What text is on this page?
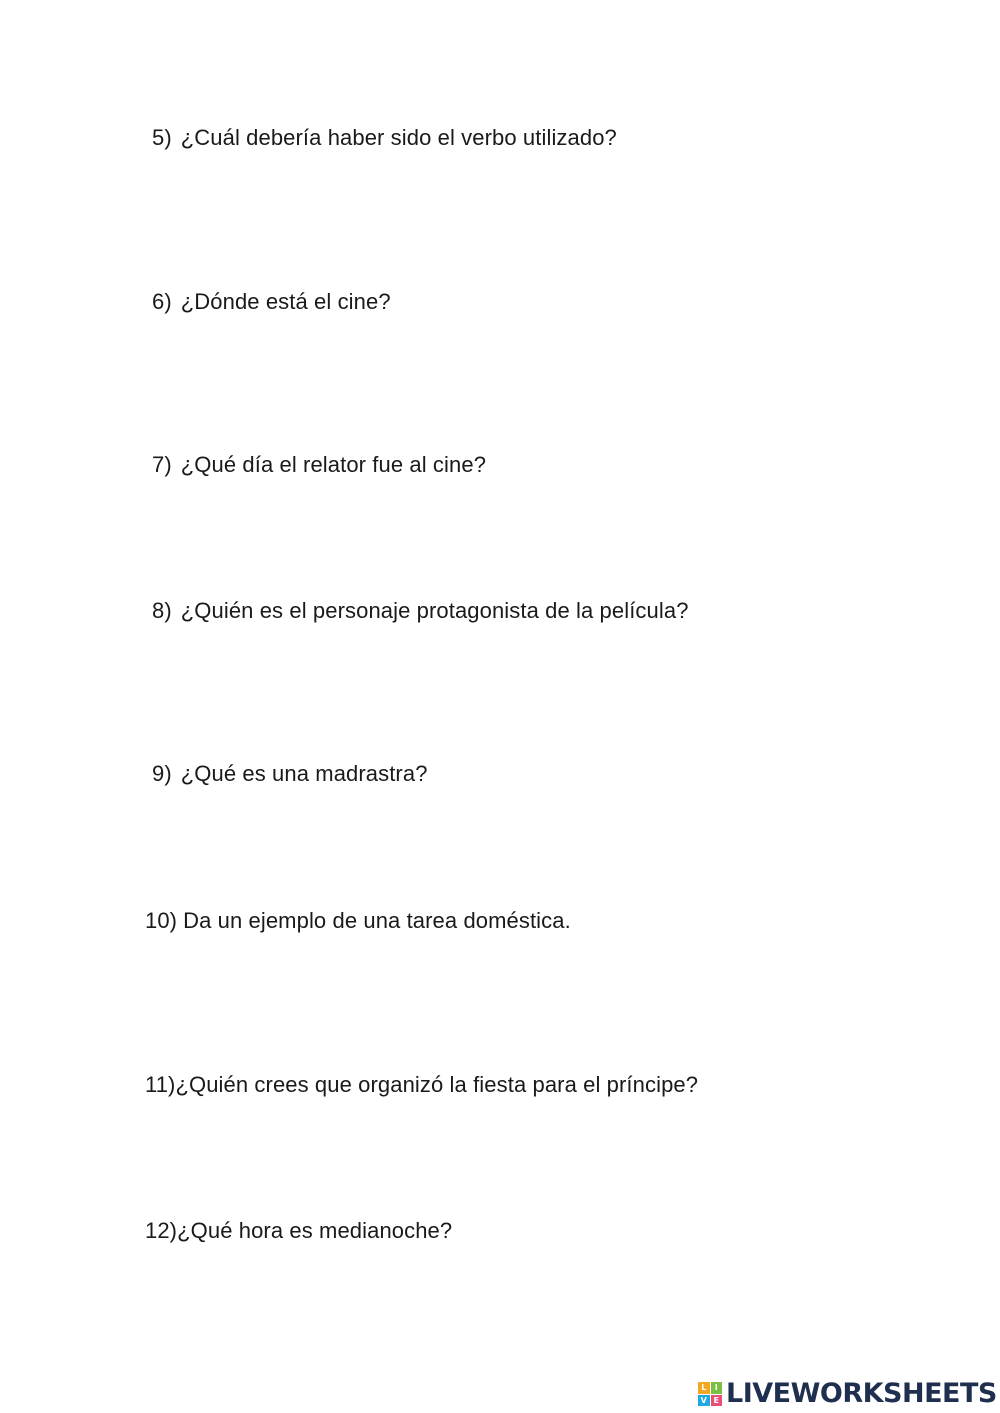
5) ¿Cuál debería haber sido el verbo utilizado?
6) ¿Dónde está el cine?
7) ¿Qué día el relator fue al cine?
8) ¿Quién es el personaje protagonista de la película?
9) ¿Qué es una madrastra?
10) Da un ejemplo de una tarea doméstica.
11)¿Quién crees que organizó la fiesta para el príncipe?
12)¿Qué hora es medianoche?
L	I
V E LIVEWORKSHEETS
